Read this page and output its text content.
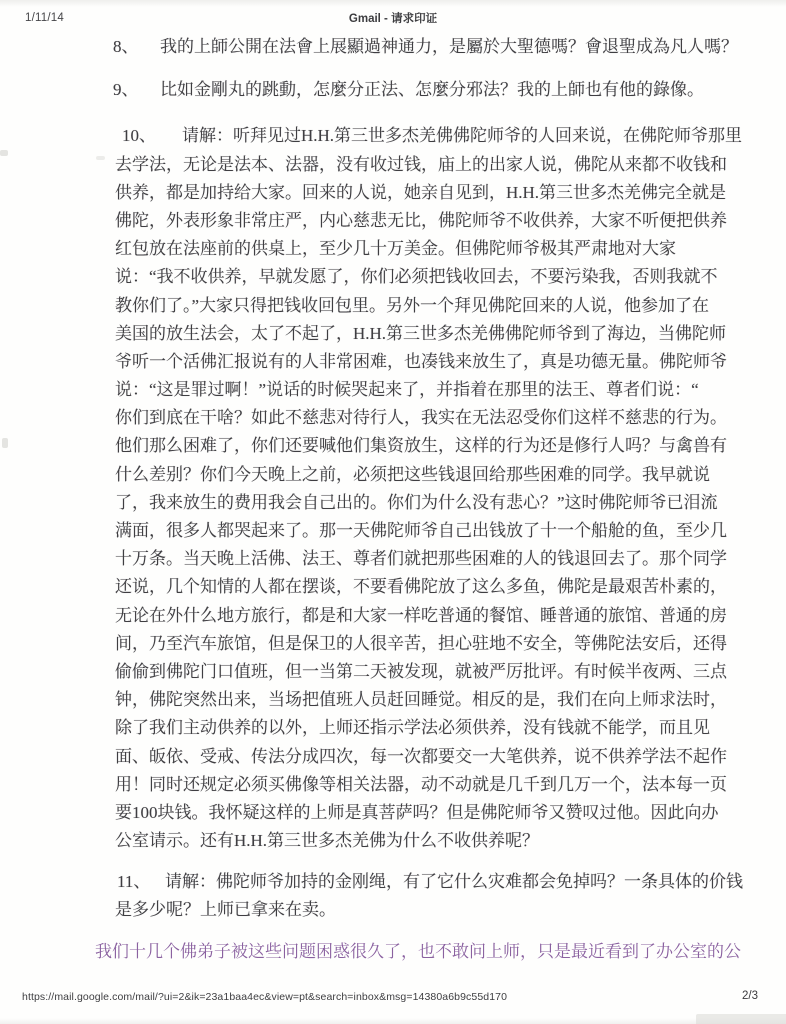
1/11/14	Gmail - 请求印证
8、 我的上師公開在法會上展顯過神通力，是屬於大聖德嗎？會退聖成為凡人嗎？
9、 比如金剛丸的跳動，怎麼分正法、怎麼分邪法？我的上師也有他的錄像。
10、 请解：听拜见过H.H.第三世多杰羌佛佛陀师爷的人回来说，在佛陀师爷那里
去学法，无论是法本、法器，没有收过钱，庙上的出家人说，佛陀从来都不收钱和
供养，都是加持给大家。回来的人说，她亲自见到，H.H.第三世多杰羌佛完全就是
佛陀，外表形象非常庄严，内心慈悲无比，佛陀师爷不收供养，大家不听便把供养
红包放在法座前的供桌上，至少几十万美金。但佛陀师爷极其严肃地对大家
说：“我不收供养，早就发愿了，你们必须把钱收回去，不要污染我，否则我就不
教你们了。”大家只得把钱收回包里。另外一个拜见佛陀回来的人说，他参加了在
美国的放生法会，太了不起了，H.H.第三世多杰羌佛佛陀师爷到了海边，当佛陀师
爷听一个活佛汇报说有的人非常困难，也凑钱来放生了，真是功德无量。佛陀师爷
说：“这是罪过啊！”说话的时候哭起来了，并指着在那里的法王、尊者们说：“
你们到底在干啥？如此不慈悲对待行人，我实在无法忍受你们这样不慈悲的行为。
他们那么困难了，你们还要喊他们集资放生，这样的行为还是修行人吗？与禽兽有
什么差别？你们今天晚上之前，必须把这些钱退回给那些困难的同学。我早就说
了，我来放生的费用我会自己出的。你们为什么没有悲心？”这时佛陀师爷已泪流
满面，很多人都哭起来了。那一天佛陀师爷自己出钱放了十一个船舱的鱼，至少几
十万条。当天晚上活佛、法王、尊者们就把那些困难的人的钱退回去了。那个同学
还说，几个知情的人都在摆谈，不要看佛陀放了这么多鱼，佛陀是最艰苦朴素的，
无论在外什么地方旅行，都是和大家一样吃普通的餐馆、睡普通的旅馆、普通的房
间，乃至汽车旅馆，但是保卫的人很辛苦，担心驻地不安全，等佛陀法安后，还得
偷偷到佛陀门口值班，但一当第二天被发现，就被严厉批评。有时候半夜两、三点
钟，佛陀突然出来，当场把值班人员赶回睡觉。相反的是，我们在向上师求法时，
除了我们主动供养的以外，上师还指示学法必须供养，没有钱就不能学，而且见
面、皈依、受戒、传法分成四次，每一次都要交一大笔供养，说不供养学法不起作
用！同时还规定必须买佛像等相关法器，动不动就是几千到几万一个，法本每一页
要100块钱。我怀疑这样的上师是真菩萨吗？但是佛陀师爷又赞叹过他。因此向办
公室请示。还有H.H.第三世多杰羌佛为什么不收供养呢？
11、 请解：佛陀师爷加持的金刚绳，有了它什么灾难都会免掉吗？一条具体的价钱
是多少呢？上师已拿来在卖。
我们十几个佛弟子被这些问题困惑很久了，也不敢问上师，只是最近看到了办公室的公
https://mail.google.com/mail/?ui=2&ik=23a1baa4ec&view=pt&search=inbox&msg=14380a6b9c55d170	2/3
